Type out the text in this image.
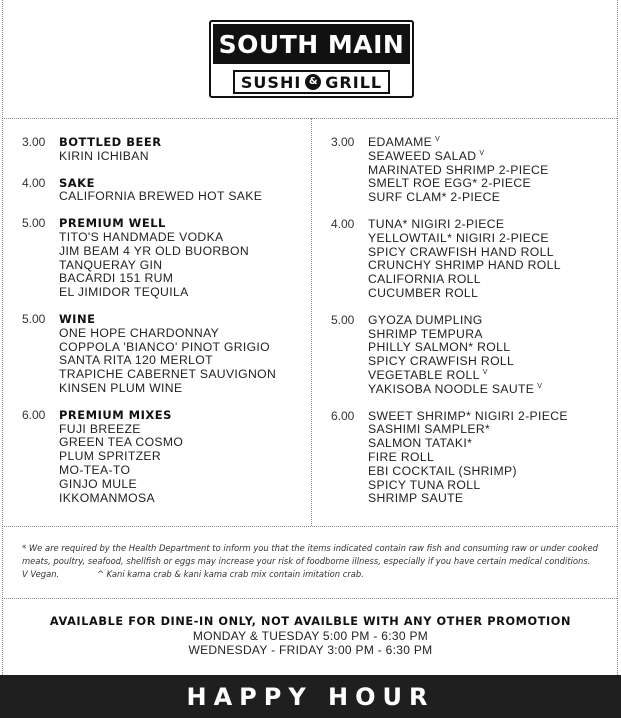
SOUTH MAIN
SUSHI & GRILL
3.00 BOTTLED BEER
KIRIN ICHIBAN
4.00 SAKE
CALIFORNIA BREWED HOT SAKE
5.00 PREMIUM WELL
TITO'S HANDMADE VODKA
JIM BEAM 4 YR OLD BUORBON
TANQUERAY GIN
BACARDI 151 RUM
EL JIMIDOR TEQUILA
5.00 WINE
ONE HOPE CHARDONNAY
COPPOLA 'BIANCO' PINOT GRIGIO
SANTA RITA 120 MERLOT
TRAPICHE CABERNET SAUVIGNON
KINSEN PLUM WINE
6.00 PREMIUM MIXES
FUJI BREEZE
GREEN TEA COSMO
PLUM SPRITZER
MO-TEA-TO
GINJO MULE
IKKOMANMOSA
3.00 EDAMAME $^V$
SEAWEED SALAD $^V$
MARINATED SHRIMP 2-PIECE
SMELT ROE EGG* 2-PIECE
SURF CLAM* 2-PIECE
4.00 TUNA* NIGIRI 2-PIECE
YELLOWTAIL* NIGIRI 2-PIECE
SPICY CRAWFISH HAND ROLL
CRUNCHY SHRIMP HAND ROLL
CALIFORNIA ROLL
CUCUMBER ROLL
5.00 GYOZA DUMPLING
SHRIMP TEMPURA
PHILLY SALMON* ROLL
SPICY CRAWFISH ROLL
VEGETABLE ROLL $^V$
YAKISOBA NOODLE SAUTE $^V$
6.00 SWEET SHRIMP* NIGIRI 2-PIECE
SASHIMI SAMPLER*
SALMON TATAKI*
FIRE ROLL
EBI COCKTAIL (SHRIMP)
SPICY TUNA ROLL
SHRIMP SAUTE
* We are required by the Health Department to inform you that the items indicated contain raw fish and consuming raw or under cooked meats, poultry, seafood, shellfish or eggs may increase your risk of foodborne illness, especially if you have certain medical conditions.
V Vegan.	^ Kani kama crab & kani kama crab mix contain imitation crab.
AVAILABLE FOR DINE-IN ONLY, NOT AVAILBLE WITH ANY OTHER PROMOTION
MONDAY & TUESDAY 5:00 PM - 6:30 PM
WEDNESDAY - FRIDAY 3:00 PM - 6:30 PM
HAPPY HOUR
